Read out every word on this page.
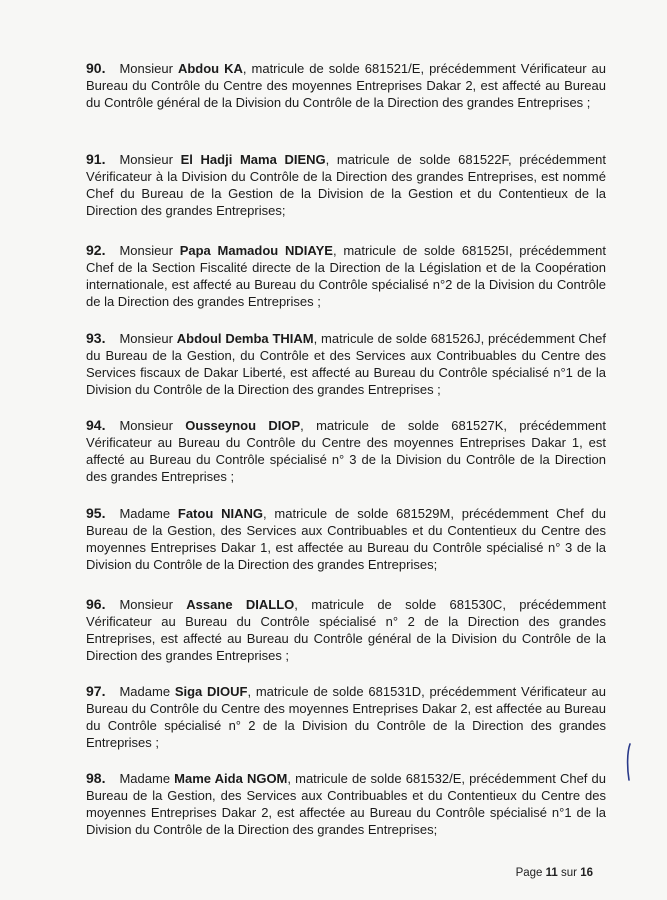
90. Monsieur Abdou KA, matricule de solde 681521/E, précédemment Vérificateur au Bureau du Contrôle du Centre des moyennes Entreprises Dakar 2, est affecté au Bureau du Contrôle général de la Division du Contrôle de la Direction des grandes Entreprises ;
91. Monsieur El Hadji Mama DIENG, matricule de solde 681522F, précédemment Vérificateur à la Division du Contrôle de la Direction des grandes Entreprises, est nommé Chef du Bureau de la Gestion de la Division de la Gestion et du Contentieux de la Direction des grandes Entreprises;
92. Monsieur Papa Mamadou NDIAYE, matricule de solde 681525I, précédemment Chef de la Section Fiscalité directe de la Direction de la Législation et de la Coopération internationale, est affecté au Bureau du Contrôle spécialisé n°2 de la Division du Contrôle de la Direction des grandes Entreprises ;
93. Monsieur Abdoul Demba THIAM, matricule de solde 681526J, précédemment Chef du Bureau de la Gestion, du Contrôle et des Services aux Contribuables du Centre des Services fiscaux de Dakar Liberté, est affecté au Bureau du Contrôle spécialisé n°1 de la Division du Contrôle de la Direction des grandes Entreprises ;
94. Monsieur Ousseynou DIOP, matricule de solde 681527K, précédemment Vérificateur au Bureau du Contrôle du Centre des moyennes Entreprises Dakar 1, est affecté au Bureau du Contrôle spécialisé n° 3 de la Division du Contrôle de la Direction des grandes Entreprises ;
95. Madame Fatou NIANG, matricule de solde 681529M, précédemment Chef du Bureau de la Gestion, des Services aux Contribuables et du Contentieux du Centre des moyennes Entreprises Dakar 1, est affectée au Bureau du Contrôle spécialisé n° 3 de la Division du Contrôle de la Direction des grandes Entreprises;
96. Monsieur Assane DIALLO, matricule de solde 681530C, précédemment Vérificateur au Bureau du Contrôle spécialisé n° 2 de la Direction des grandes Entreprises, est affecté au Bureau du Contrôle général de la Division du Contrôle de la Direction des grandes Entreprises ;
97. Madame Siga DIOUF, matricule de solde 681531D, précédemment Vérificateur au Bureau du Contrôle du Centre des moyennes Entreprises Dakar 2, est affectée au Bureau du Contrôle spécialisé n° 2 de la Division du Contrôle de la Direction des grandes Entreprises ;
98. Madame Mame Aida NGOM, matricule de solde 681532/E, précédemment Chef du Bureau de la Gestion, des Services aux Contribuables et du Contentieux du Centre des moyennes Entreprises Dakar 2, est affectée au Bureau du Contrôle spécialisé n°1 de la Division du Contrôle de la Direction des grandes Entreprises;
Page 11 sur 16
